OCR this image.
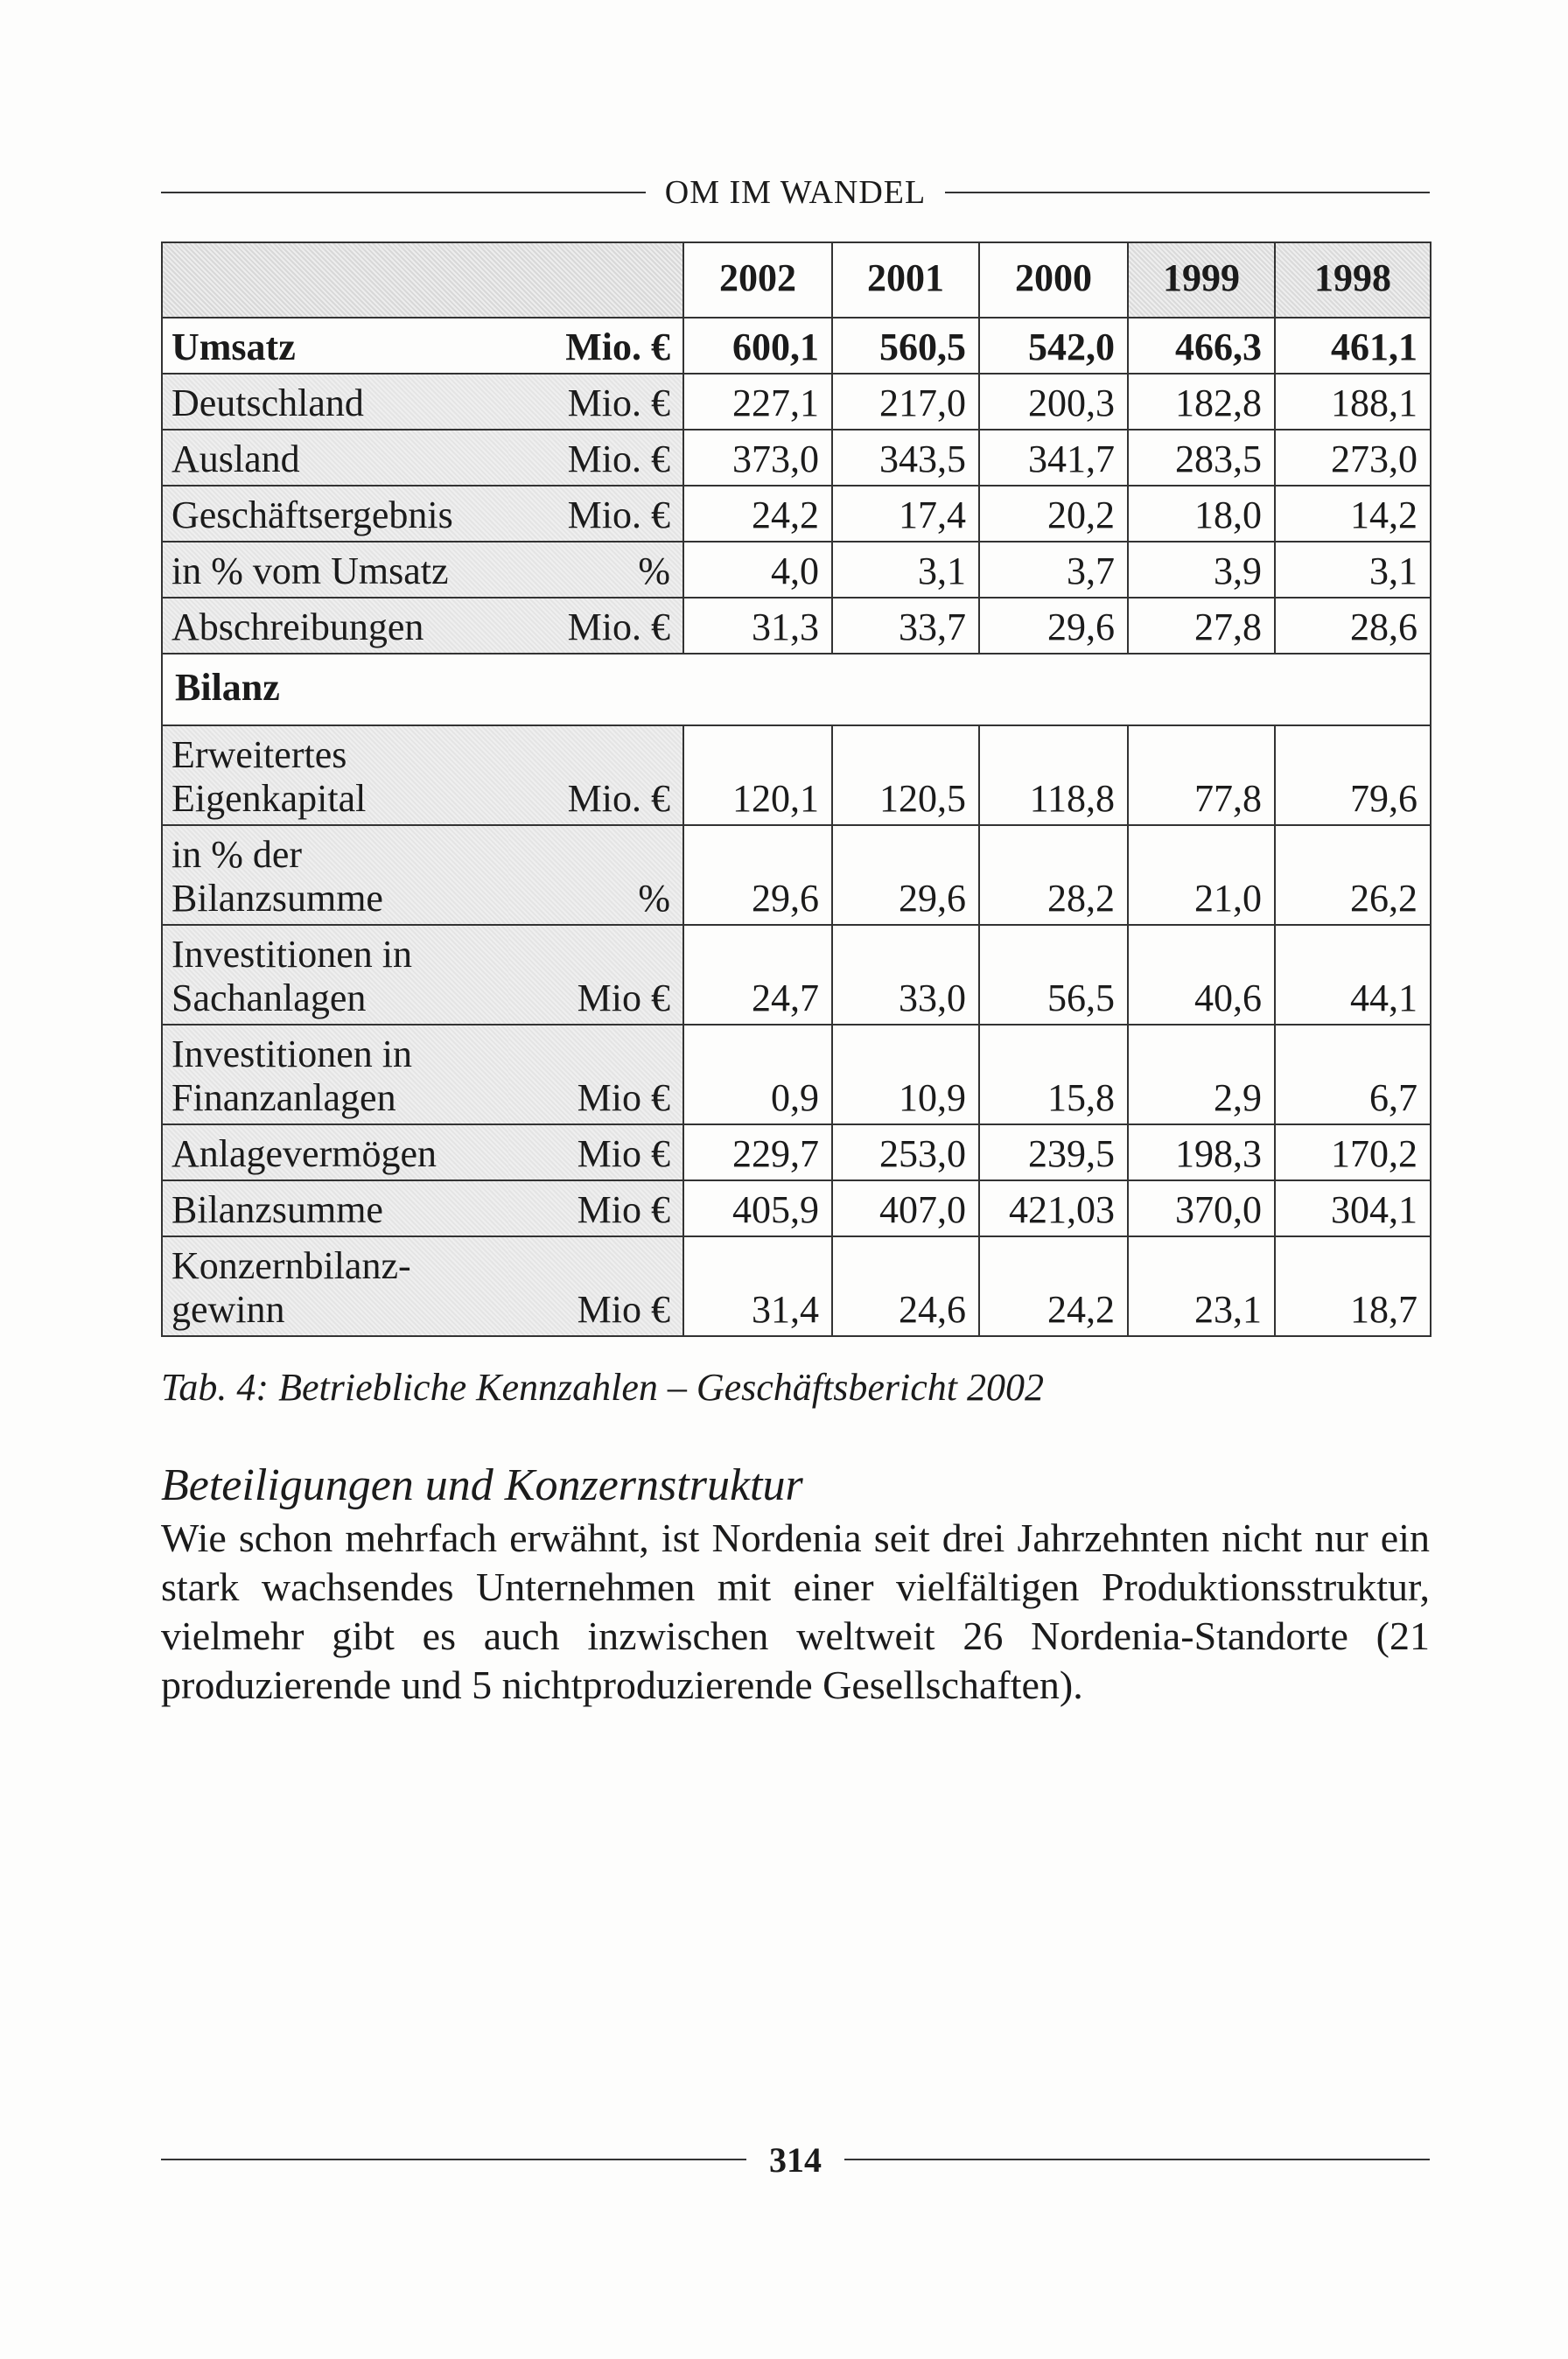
OM IM WANDEL
		2002	2001	2000	1999	1998
Umsatz	Mio. €	600,1	560,5	542,0	466,3	461,1
Deutschland	Mio. €	227,1	217,0	200,3	182,8	188,1
Ausland	Mio. €	373,0	343,5	341,7	283,5	273,0
Geschäftsergebnis	Mio. €	24,2	17,4	20,2	18,0	14,2
in % vom Umsatz	%	4,0	3,1	3,7	3,9	3,1
Abschreibungen	Mio. €	31,3	33,7	29,6	27,8	28,6
Bilanz						
Erweitertes
Eigenkapital	Mio. €	120,1	120,5	118,8	77,8	79,6
in % der
Bilanzsumme	%	29,6	29,6	28,2	21,0	26,2
Investitionen in
Sachanlagen	Mio €	24,7	33,0	56,5	40,6	44,1
Investitionen in
Finanzanlagen	Mio €	0,9	10,9	15,8	2,9	6,7
Anlagevermögen	Mio €	229,7	253,0	239,5	198,3	170,2
Bilanzsumme	Mio €	405,9	407,0	421,03	370,0	304,1
Konzernbilanz-
gewinn	Mio €	31,4	24,6	24,2	23,1	18,7
Tab. 4: Betriebliche Kennzahlen – Geschäftsbericht 2002
Beteiligungen und Konzernstruktur
Wie schon mehrfach erwähnt, ist Nordenia seit drei Jahrzehnten nicht nur ein stark wachsendes Unternehmen mit einer vielfältigen Produktionsstruktur, vielmehr gibt es auch inzwischen weltweit 26 Nordenia-Standorte (21 produzierende und 5 nichtproduzierende Gesellschaften).
314
